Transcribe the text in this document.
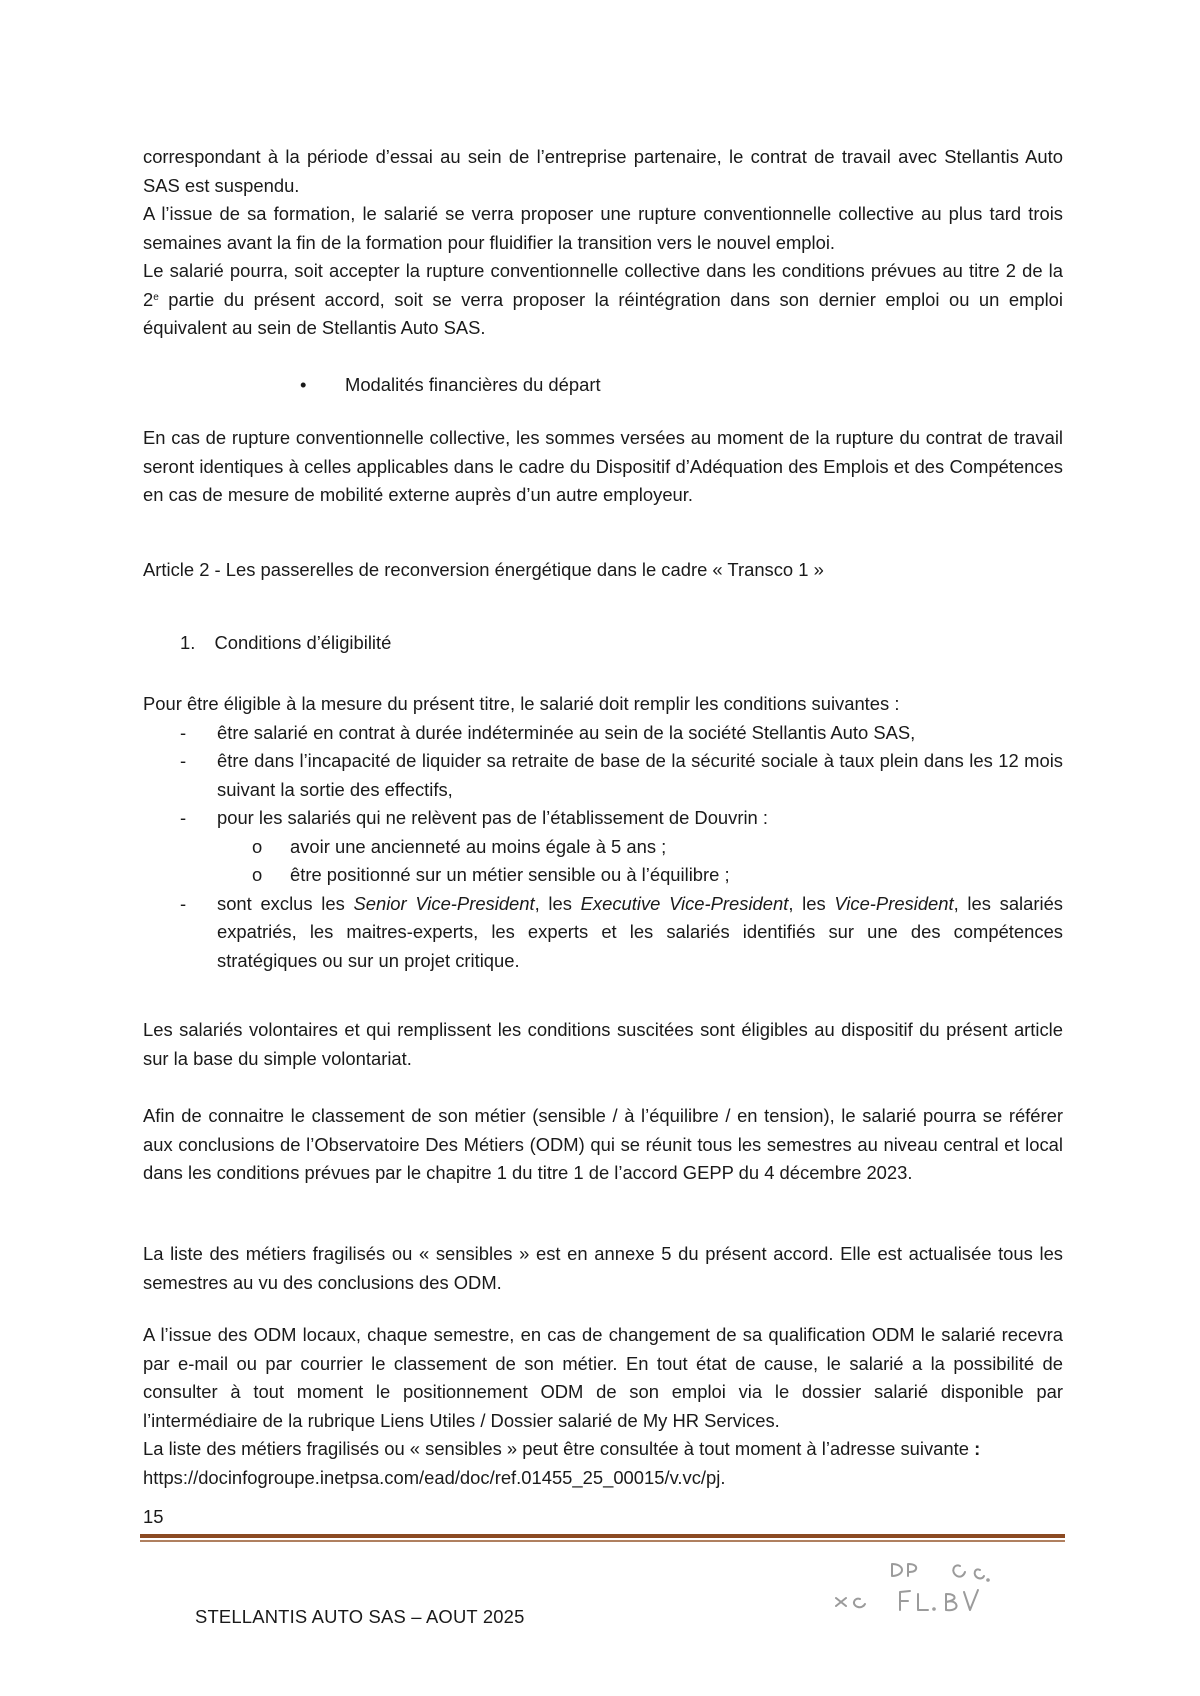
correspondant à la période d’essai au sein de l’entreprise partenaire, le contrat de travail avec Stellantis Auto SAS est suspendu.

A l’issue de sa formation, le salarié se verra proposer une rupture conventionnelle collective au plus tard trois semaines avant la fin de la formation pour fluidifier la transition vers le nouvel emploi.

Le salarié pourra, soit accepter la rupture conventionnelle collective dans les conditions prévues au titre 2 de la 2e partie du présent accord, soit se verra proposer la réintégration dans son dernier emploi ou un emploi équivalent au sein de Stellantis Auto SAS.

• Modalités financières du départ

En cas de rupture conventionnelle collective, les sommes versées au moment de la rupture du contrat de travail seront identiques à celles applicables dans le cadre du Dispositif d’Adéquation des Emplois et des Compétences en cas de mesure de mobilité externe auprès d’un autre employeur.

Article 2 - Les passerelles de reconversion énergétique dans le cadre « Transco 1 »
1. Conditions d’éligibilité

Pour être éligible à la mesure du présent titre, le salarié doit remplir les conditions suivantes :

- être salarié en contrat à durée indéterminée au sein de la société Stellantis Auto SAS,
- être dans l’incapacité de liquider sa retraite de base de la sécurité sociale à taux plein dans les 12 mois suivant la sortie des effectifs,
- pour les salariés qui ne relèvent pas de l’établissement de Douvrin :
o avoir une ancienneté au moins égale à 5 ans ;
o être positionné sur un métier sensible ou à l’équilibre ;
- sont exclus les Senior Vice-President, les Executive Vice-President, les Vice-President, les salariés expatriés, les maitres-experts, les experts et les salariés identifiés sur une des compétences stratégiques ou sur un projet critique.

Les salariés volontaires et qui remplissent les conditions suscitées sont éligibles au dispositif du présent article sur la base du simple volontariat.

Afin de connaitre le classement de son métier (sensible / à l’équilibre / en tension), le salarié pourra se référer aux conclusions de l’Observatoire Des Métiers (ODM) qui se réunit tous les semestres au niveau central et local dans les conditions prévues par le chapitre 1 du titre 1 de l’accord GEPP du 4 décembre 2023.

La liste des métiers fragilisés ou « sensibles » est en annexe 5 du présent accord. Elle est actualisée tous les semestres au vu des conclusions des ODM.

A l’issue des ODM locaux, chaque semestre, en cas de changement de sa qualification ODM le salarié recevra par e-mail ou par courrier le classement de son métier. En tout état de cause, le salarié a la possibilité de consulter à tout moment le positionnement ODM de son emploi via le dossier salarié disponible par l’intermédiaire de la rubrique Liens Utiles / Dossier salarié de My HR Services.

La liste des métiers fragilisés ou « sensibles » peut être consultée à tout moment à l’adresse suivante :

https://docinfogroupe.inetpsa.com/ead/doc/ref.01455_25_00015/v.vc/pj.

15
STELLANTIS AUTO SAS – AOUT 2025
